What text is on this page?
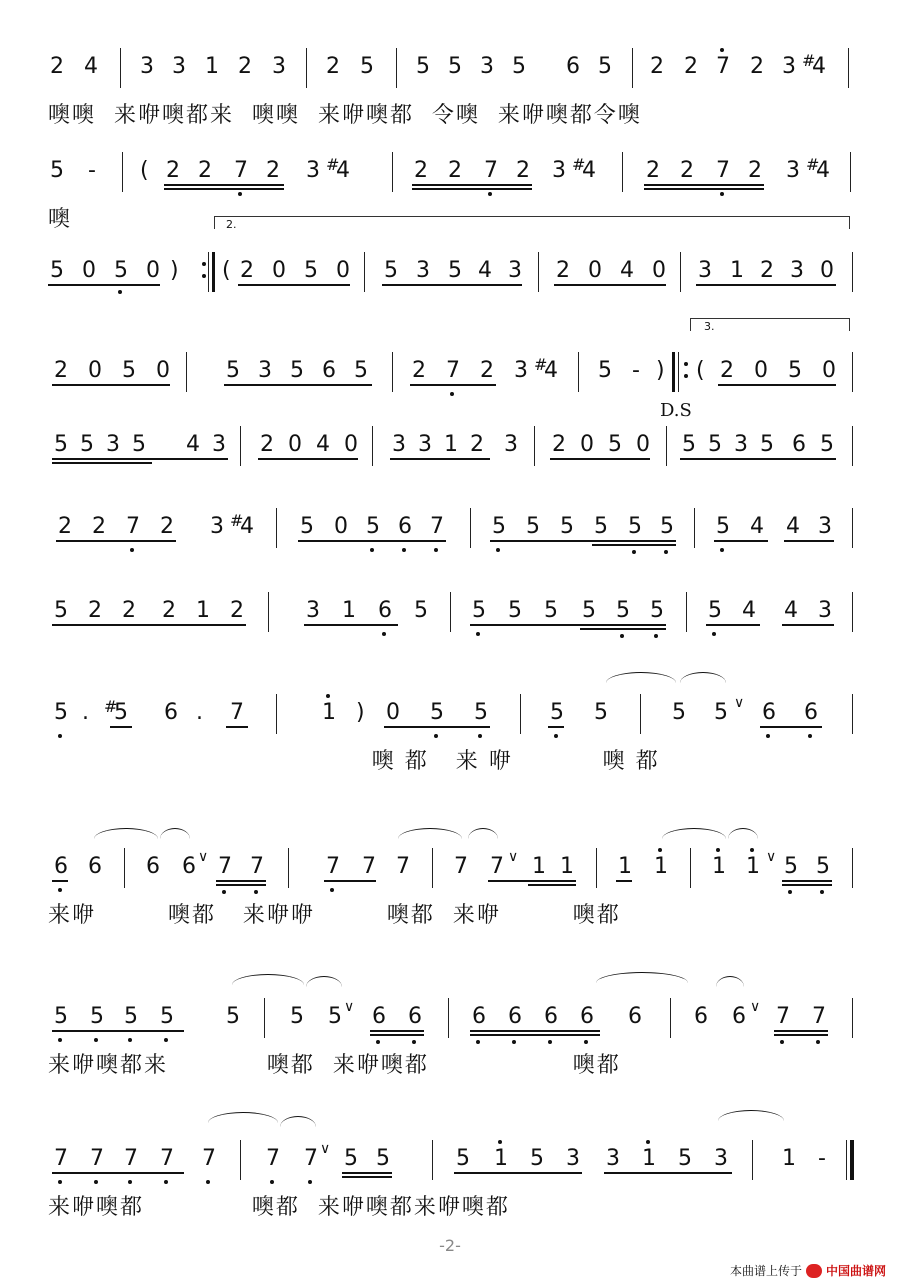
2 4 3 3 1 2 3 2 5 5 5 3 5 6 5 2 2 7 2 3 #
4
噢噢  来咿噢都来  噢噢  来咿噢都  令噢  来咿噢都令噢
5 - ( 2 2 7 2 3 #
4	2 2 7 2 3 #
4 2 2 7 2 3 #
4
噢	2.
5 0 5 0 ) ( 2 0 5 0 5 3 5 4 3 2 0 4 0 3 1 2 3 0
3.
2 0 5 0	5 3 5 6 5 2 7 2 3 #
4 5 - ) ( 2 0 5 0
D.S
5 5 3 5 4 3 2 0 4 0 3 3 1 2 3 2 0 5 0 5 5 3 5 6 5
2 2 7 2 3 #
4 5 0 5 6 7 5 5 5 5 5 5 5 4 4 3
5 2 2 2 1 2	3 1 6 5 5 5 5 5 5 5 5 4 4 3
5 . #
5 6 . 7	1 ) 0 5 5	5 5	5 5 ∨ 6 6
噢 都   来 咿          噢 都
6 6 6 6 ∨ 7 7	7 7 7 7 7 ∨ 1 1 1 1 1 1 ∨ 5 5
来咿        噢都   来咿咿        噢都  来咿        噢都
5 5 5 5 5 5 5 ∨ 6 6 6 6 6 6 6 6 6 ∨ 7 7
来咿噢都来           噢都  来咿噢都                噢都
7 7 7 7 7 7 7 ∨ 5 5	5 1 5 3 3 1 5 3 1 -
来咿噢都            噢都  来咿噢都来咿噢都
-2-
本曲谱上传于 中国曲谱网
